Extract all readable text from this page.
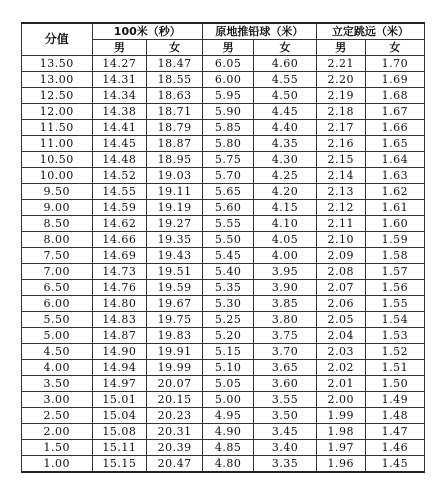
分值	100米（秒）		原地推铅球（米）		立定跳远（米）	
	男	女	男	女	男	女
13.50	14.27	18.47	6.05	4.60	2.21	1.70
13.00	14.31	18.55	6.00	4.55	2.20	1.69
12.50	14.34	18.63	5.95	4.50	2.19	1.68
12.00	14.38	18.71	5.90	4.45	2.18	1.67
11.50	14.41	18.79	5.85	4.40	2.17	1.66
11.00	14.45	18.87	5.80	4.35	2.16	1.65
10.50	14.48	18.95	5.75	4.30	2.15	1.64
10.00	14.52	19.03	5.70	4.25	2.14	1.63
9.50	14.55	19.11	5.65	4.20	2.13	1.62
9.00	14.59	19.19	5.60	4.15	2.12	1.61
8.50	14.62	19.27	5.55	4.10	2.11	1.60
8.00	14.66	19.35	5.50	4.05	2.10	1.59
7.50	14.69	19.43	5.45	4.00	2.09	1.58
7.00	14.73	19.51	5.40	3.95	2.08	1.57
6.50	14.76	19.59	5.35	3.90	2.07	1.56
6.00	14.80	19.67	5.30	3.85	2.06	1.55
5.50	14.83	19.75	5.25	3.80	2.05	1.54
5.00	14.87	19.83	5.20	3.75	2.04	1.53
4.50	14.90	19.91	5.15	3.70	2.03	1.52
4.00	14.94	19.99	5.10	3.65	2.02	1.51
3.50	14.97	20.07	5.05	3.60	2.01	1.50
3.00	15.01	20.15	5.00	3.55	2.00	1.49
2.50	15.04	20.23	4.95	3.50	1.99	1.48
2.00	15.08	20.31	4.90	3.45	1.98	1.47
1.50	15.11	20.39	4.85	3.40	1.97	1.46
1.00	15.15	20.47	4.80	3.35	1.96	1.45
